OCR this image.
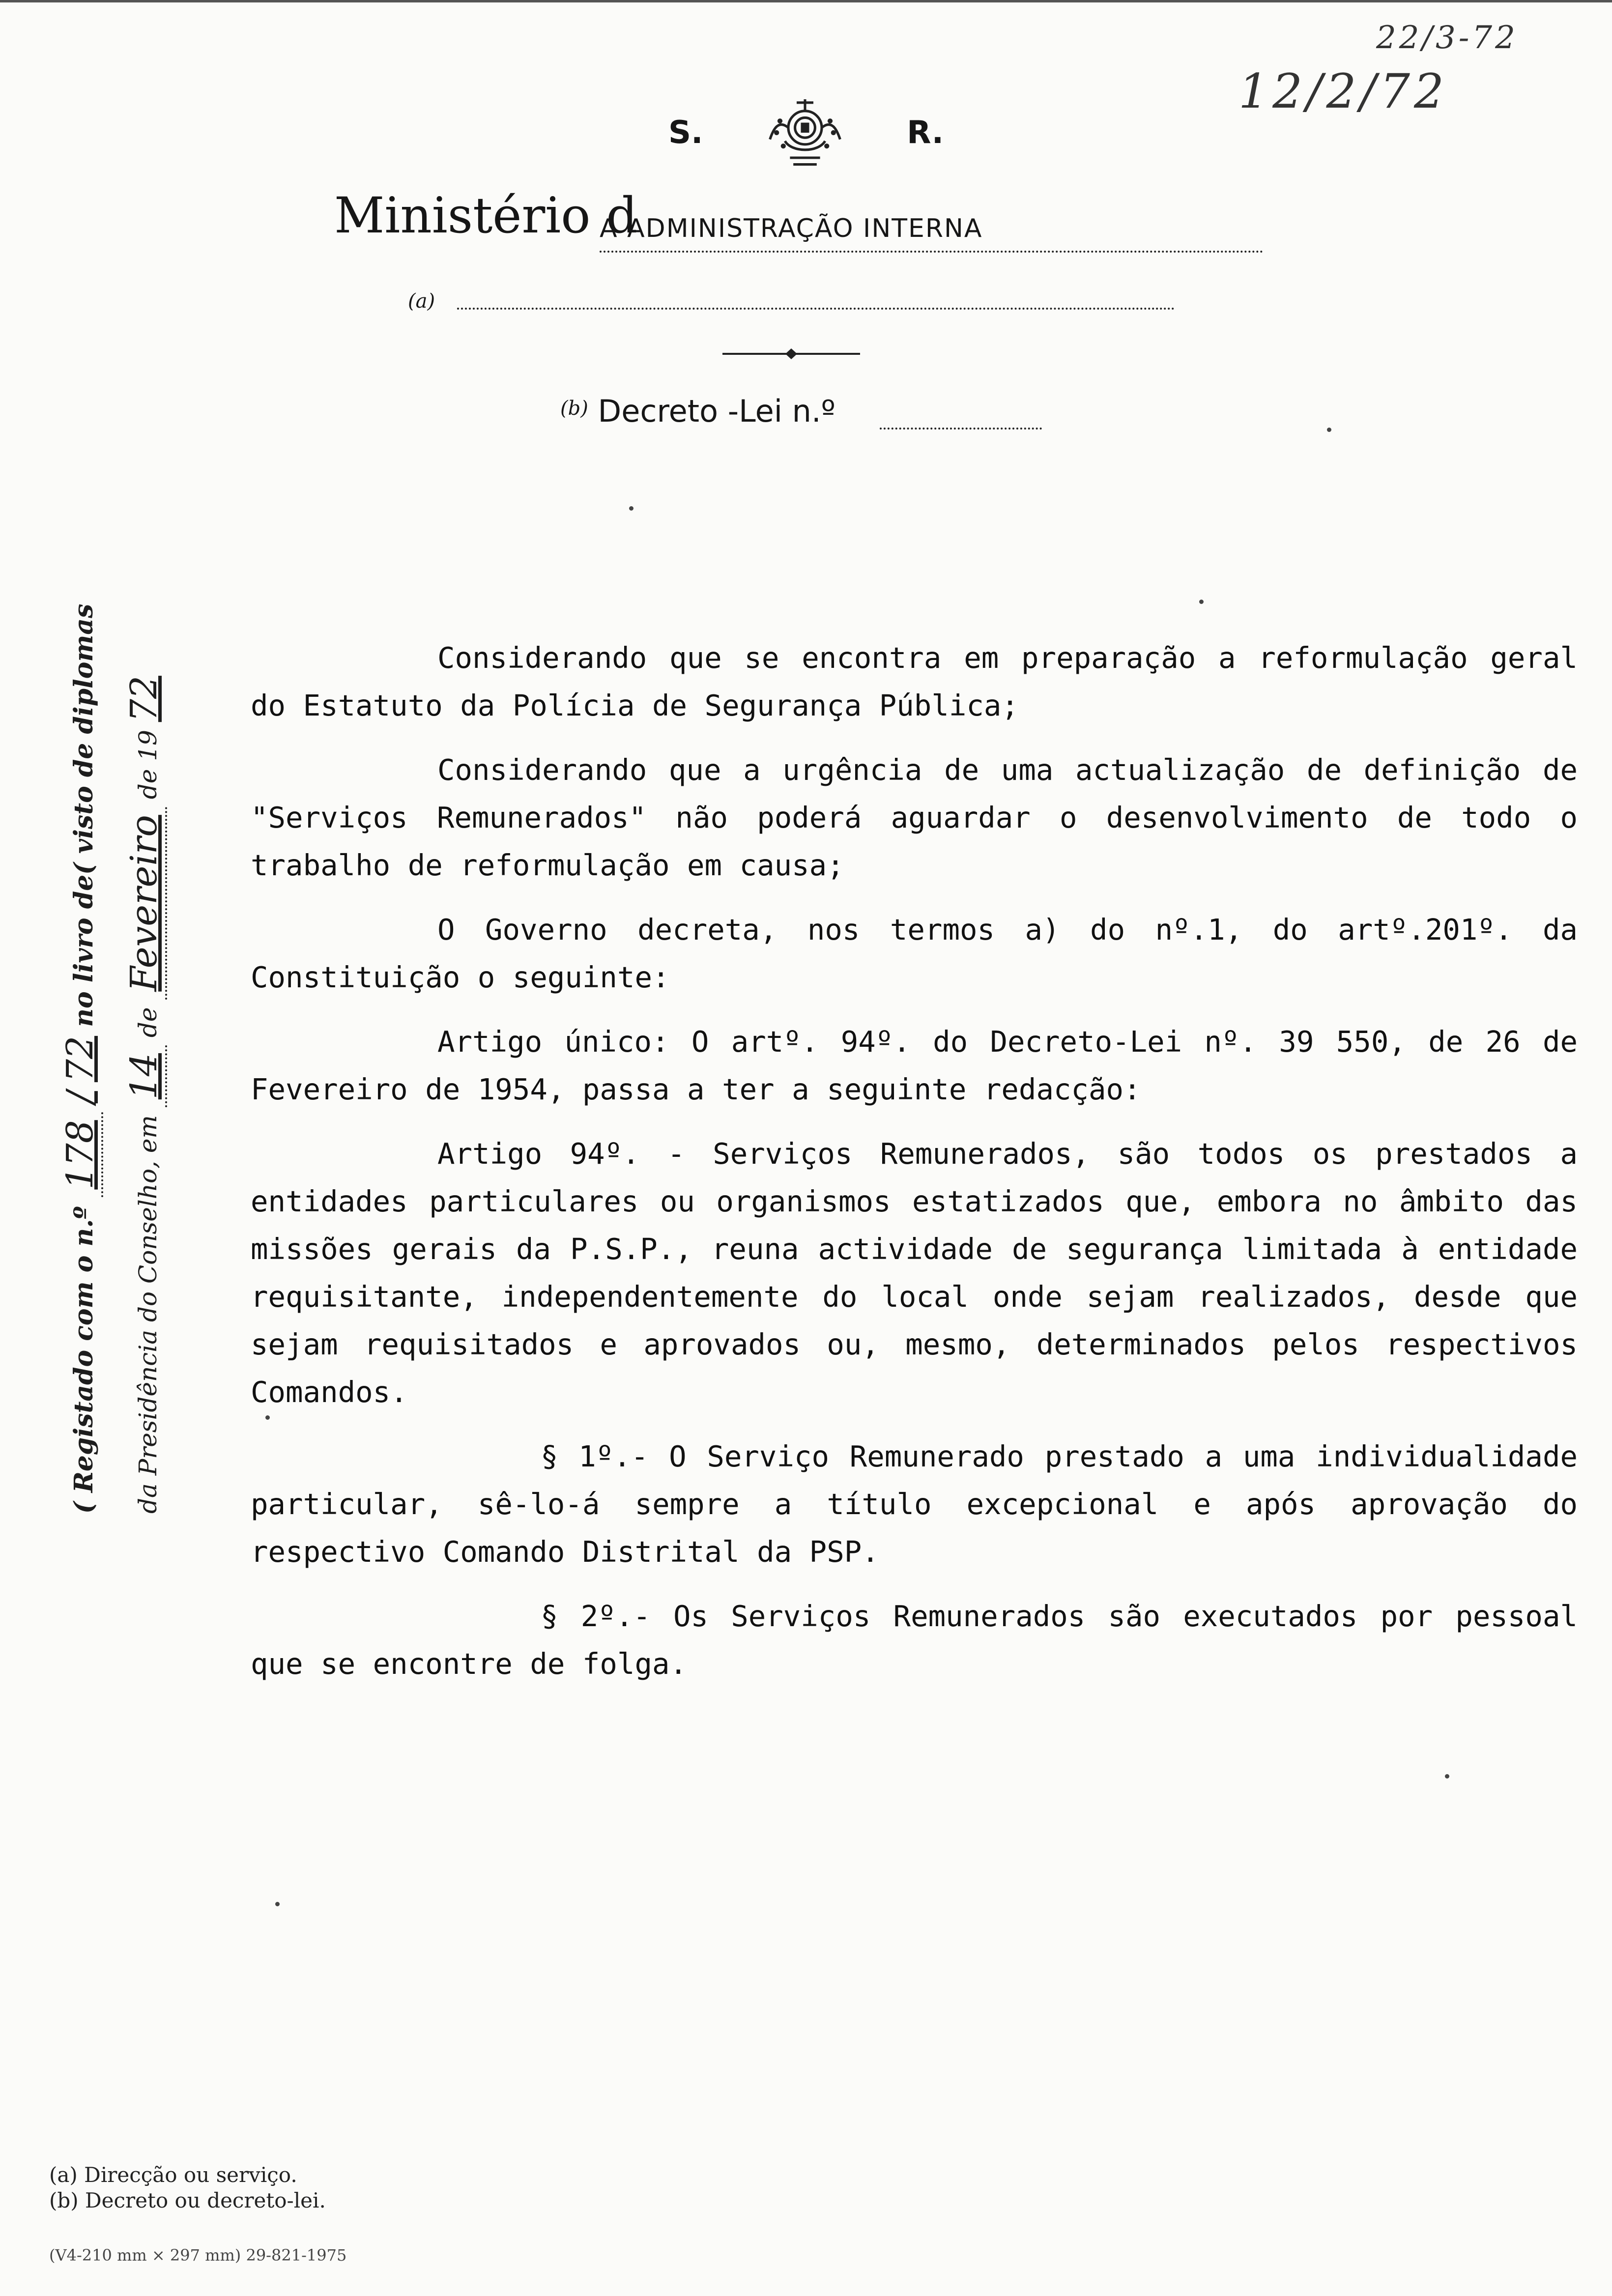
22/3-72
12/2/72
S.	R.
Ministério d
A ADMINISTRAÇÃO INTERNA
(a)
$^{(b)}$ Decreto -Lei n.º
( Registado com o n.º 178 / 72 no livro de( visto de diplomas
da Presidência do Conselho, em 14 de Fevereiro de 19 72

Considerando que se encontra em preparação a reformulação geral do Estatuto da Polícia de Segurança Pública;

Considerando que a urgência de uma actualização de definição de "Serviços Remunerados" não poderá aguardar o desenvolvimento de todo o trabalho de reformulação em causa;

O Governo decreta, nos termos a) do nº.1, do artº.201º. da Constituição o seguinte:

Artigo único: O artº. 94º. do Decreto-Lei nº. 39 550, de 26 de Fevereiro de 1954, passa a ter a seguinte redacção:

Artigo 94º. - Serviços Remunerados, são todos os prestados a entidades particulares ou organismos estatizados que, embora no âmbito das missões gerais da P.S.P., reuna actividade de segurança limitada à entidade requisitante, independentemente do local onde sejam realizados, desde que sejam requisitados e aprovados ou, mesmo, determinados pelos respectivos Comandos.

§ 1º.- O Serviço Remunerado prestado a uma individualidade particular, sê-lo-á sempre a título excepcional e após aprovação do respectivo Comando Distrital da PSP.

§ 2º.- Os Serviços Remunerados são executados por pessoal que se encontre de folga.

(a) Direcção ou serviço.
(b) Decreto ou decreto-lei.
(V4-210 mm × 297 mm) 29-821-1975
